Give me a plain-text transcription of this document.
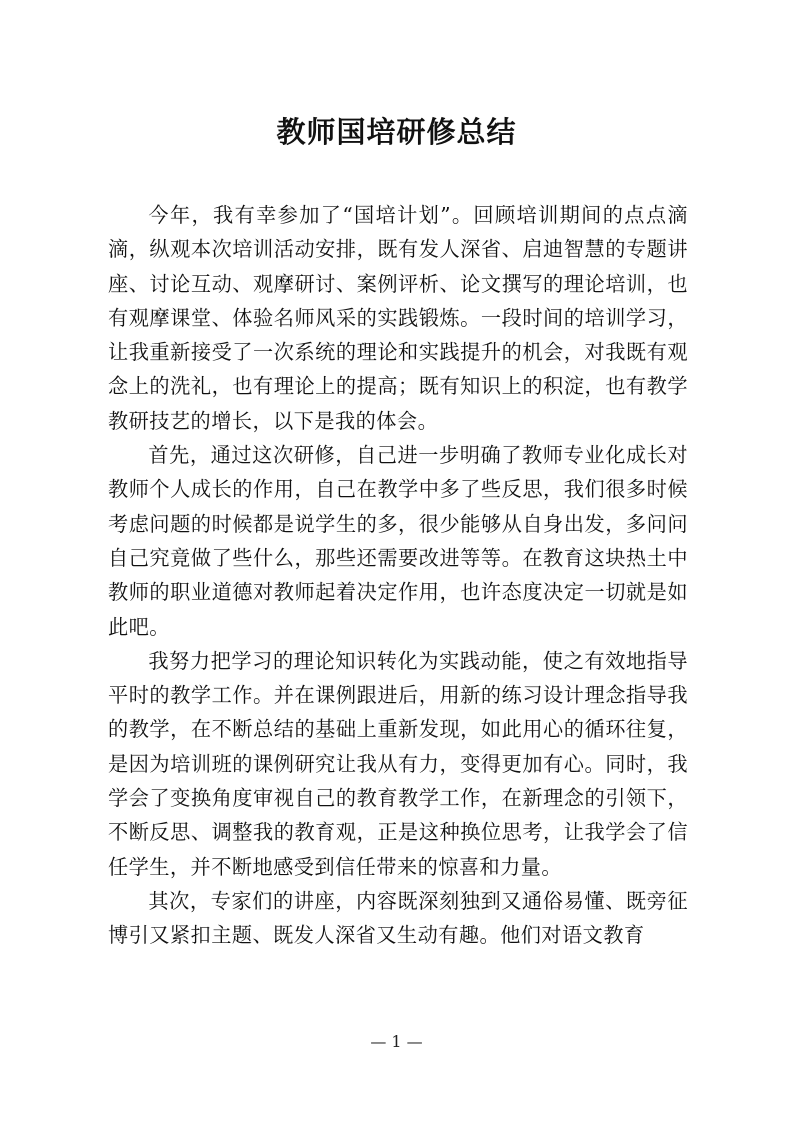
教师国培研修总结

今年，我有幸参加了“国培计划”。回顾培训期间的点点滴滴，纵观本次培训活动安排，既有发人深省、启迪智慧的专题讲座、讨论互动、观摩研讨、案例评析、论文撰写的理论培训，也有观摩课堂、体验名师风采的实践锻炼。一段时间的培训学习，让我重新接受了一次系统的理论和实践提升的机会，对我既有观念上的洗礼，也有理论上的提高；既有知识上的积淀，也有教学教研技艺的增长，以下是我的体会。

首先，通过这次研修，自己进一步明确了教师专业化成长对教师个人成长的作用，自己在教学中多了些反思，我们很多时候考虑问题的时候都是说学生的多，很少能够从自身出发，多问问自己究竟做了些什么，那些还需要改进等等。在教育这块热土中教师的职业道德对教师起着决定作用，也许态度决定一切就是如此吧。

我努力把学习的理论知识转化为实践动能，使之有效地指导平时的教学工作。并在课例跟进后，用新的练习设计理念指导我的教学，在不断总结的基础上重新发现，如此用心的循环往复，是因为培训班的课例研究让我从有力，变得更加有心。同时，我学会了变换角度审视自己的教育教学工作，在新理念的引领下，不断反思、调整我的教育观，正是这种换位思考，让我学会了信任学生，并不断地感受到信任带来的惊喜和力量。

其次，专家们的讲座，内容既深刻独到又通俗易懂、既旁征博引又紧扣主题、既发人深省又生动有趣。他们对语文教育

— 1 —
